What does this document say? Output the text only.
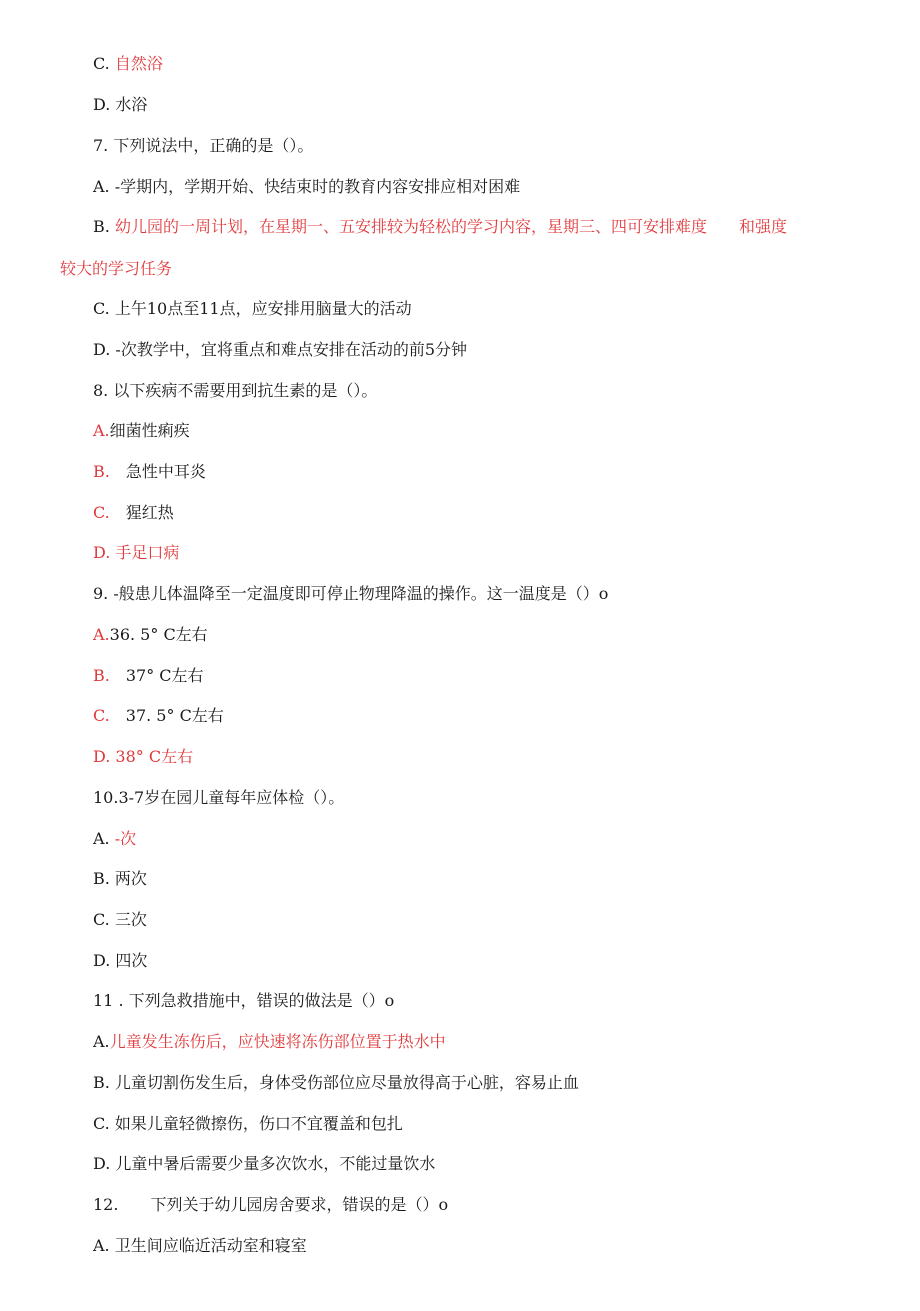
C. 自然浴
D. 水浴
7. 下列说法中，正确的是（）。
A. -学期内，学期开始、快结束时的教育内容安排应相对困难
B. 幼儿园的一周计划，在星期一、五安排较为轻松的学习内容，星期三、四可安排难度　　和强度
较大的学习任务
C. 上午10点至11点，应安排用脑量大的活动
D. -次教学中，宜将重点和难点安排在活动的前5分钟
8. 以下疾病不需要用到抗生素的是（）。
A.细菌性痢疾
B.　急性中耳炎
C.　猩红热
D. 手足口病
9. -般患儿体温降至一定温度即可停止物理降温的操作。这一温度是（）o
A.36. 5° C左右
B.　37° C左右
C.　37. 5° C左右
D. 38° C左右
10.3-7岁在园儿童每年应体检（）。
A. -次
B. 两次
C. 三次
D. 四次
11 . 下列急救措施中，错误的做法是（）o
A.儿童发生冻伤后，应快速将冻伤部位置于热水中
B. 儿童切割伤发生后，身体受伤部位应尽量放得高于心脏，容易止血
C. 如果儿童轻微擦伤，伤口不宜覆盖和包扎
D. 儿童中暑后需要少量多次饮水，不能过量饮水
12.　　下列关于幼儿园房舍要求，错误的是（）o
A. 卫生间应临近活动室和寝室
